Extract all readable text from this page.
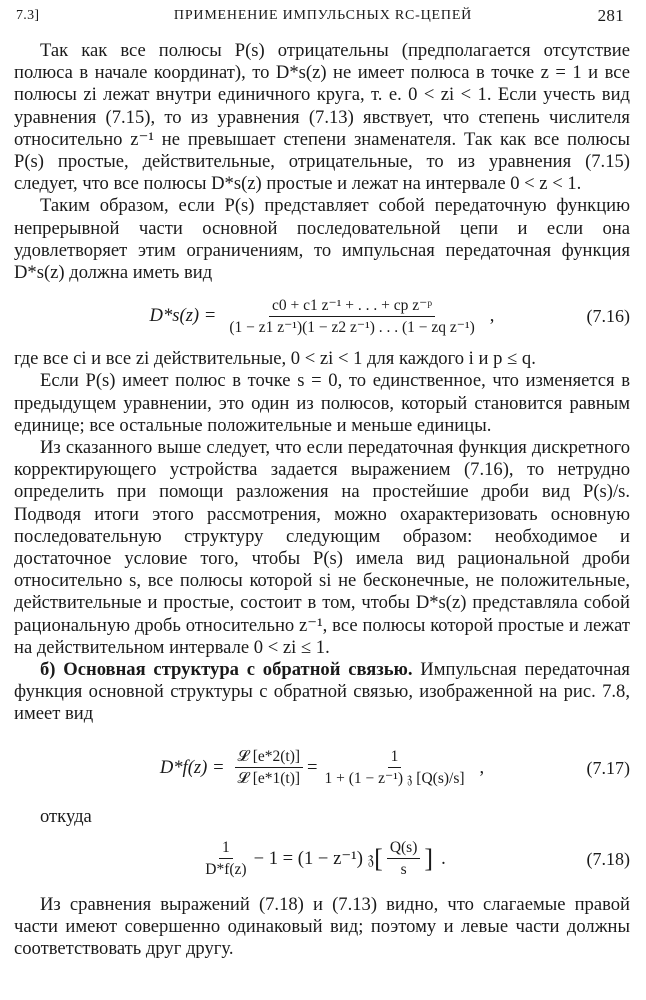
7.3]	ПРИМЕНЕНИЕ ИМПУЛЬСНЫХ RC-ЦЕПЕЙ	281

Так как все полюсы P(s) отрицательны (предполагается отсутствие полюса в начале координат), то D*s(z) не имеет полюса в точке z = 1 и все полюсы zi лежат внутри единичного круга, т. е. 0 < zi < 1. Если учесть вид уравнения (7.15), то из уравнения (7.13) явствует, что степень числителя относительно z⁻¹ не превышает степени знаменателя. Так как все полюсы P(s) простые, действительные, отрицательные, то из уравнения (7.15) следует, что все полюсы D*s(z) простые и лежат на интервале 0 < z < 1.

Таким образом, если P(s) представляет собой передаточную функцию непрерывной части основной последовательной цепи и если она удовлетворяет этим ограничениям, то импульсная передаточная функция D*s(z) должна иметь вид

$D*s(z) = \frac{\text{c0 + c1 z⁻¹ + . . . + cp z⁻ᵖ}}{\text{(1 − z1 z⁻¹)(1 − z2 z⁻¹) . . . (1 − zq z⁻¹)}}$ ,	(7.16)

где все ci и все zi действительные, 0 < zi < 1 для каждого i и p ≤ q.

Если P(s) имеет полюс в точке s = 0, то единственное, что изменяется в предыдущем уравнении, это один из полюсов, который становится равным единице; все остальные положительные и меньше единицы.

Из сказанного выше следует, что если передаточная функция дискретного корректирующего устройства задается выражением (7.16), то нетрудно определить при помощи разложения на простейшие дроби вид P(s)/s. Подводя итоги этого рассмотрения, можно охарактеризовать основную последовательную структуру следующим образом: необходимое и достаточное условие того, чтобы P(s) имела вид рациональной дроби относительно s, все полюсы которой si не бесконечные, не положительные, действительные и простые, состоит в том, чтобы D*s(z) представляла собой рациональную дробь относительно z⁻¹, все полюсы которой простые и лежат на действительном интервале 0 < zi ≤ 1.

б) Основная структура с обратной связью. Импульсная передаточная функция основной структуры с обратной связью, изображенной на рис. 7.8, имеет вид

$D*f(z) = \frac{\text{𝓛 [e*2(t)]}}{\text{𝓛 [e*1(t)]}} = \frac{1}{\text{1 + (1 − z⁻¹) 𝔷 [Q(s)/s]}}$ ,	(7.17)

откуда

$\frac{1}{D*f(z)} - 1 = (1 - z^{-1})$ 𝔷 [ $\frac{Q(s)}{s}$ ] .	(7.18)

Из сравнения выражений (7.18) и (7.13) видно, что слагаемые правой части имеют совершенно одинаковый вид; поэтому и левые части должны соответствовать друг другу.
